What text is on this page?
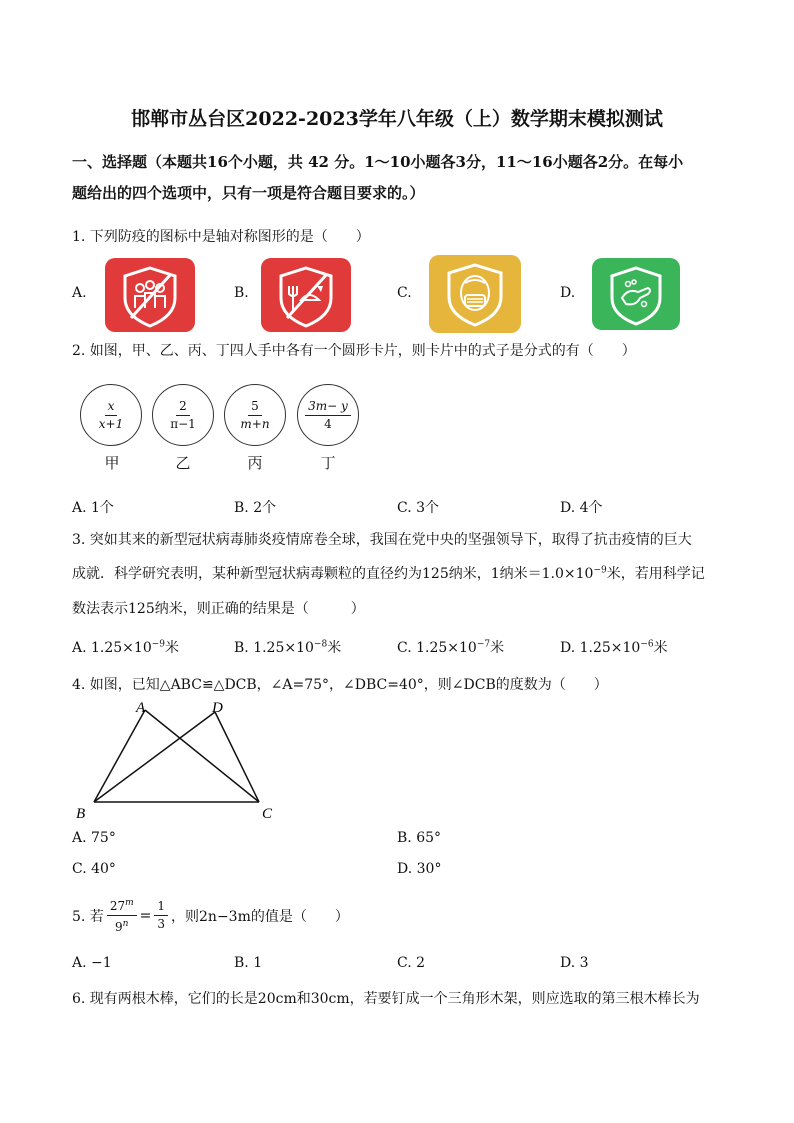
邯郸市丛台区2022-2023学年八年级（上）数学期末模拟测试
一、选择题（本题共16个小题，共 42 分。1～10小题各3分，11～16小题各2分。在每小
题给出的四个选项中，只有一项是符合题目要求的。）
1. 下列防疫的图标中是轴对称图形的是（　　）
A.	B.	C.	D.
2. 如图，甲、乙、丙、丁四人手中各有一个圆形卡片，则卡片中的式子是分式的有（　　）
$\frac{x}{x+1}$
甲
$\frac{2}{\pi-1}$
乙
$\frac{5}{m+n}$
丙
$\frac{3m- y}{4}$
丁
A. 1个	B. 2个	C. 3个	D. 4个
3. 突如其来的新型冠状病毒肺炎疫情席卷全球，我国在党中央的坚强领导下，取得了抗击疫情的巨大
成就．科学研究表明，某种新型冠状病毒颗粒的直径约为125纳米，1纳米$=1.0\times 10^{-9}$米，若用科学记
数法表示125纳米，则正确的结果是（　　　）
A. $1.25\times 10^{-9}$米	B. $1.25\times 10^{-8}$米	C. $1.25\times 10^{-7}$米	D. $1.25\times 10^{-6}$米
4. 如图，已知△ABC≌△DCB，∠A=75°，∠DBC=40°，则∠DCB的度数为（　　）
A	D
B	C
A. 75°	B. 65°
C. 40°	D. 30°
5. 若 $\frac{27^m}{9^n} = \frac{1}{3}$ ，则2n−3m的值是（　　）
A. −1	B. 1	C. 2	D. 3
6. 现有两根木棒，它们的长是20cm和30cm，若要钉成一个三角形木架，则应选取的第三根木棒长为
